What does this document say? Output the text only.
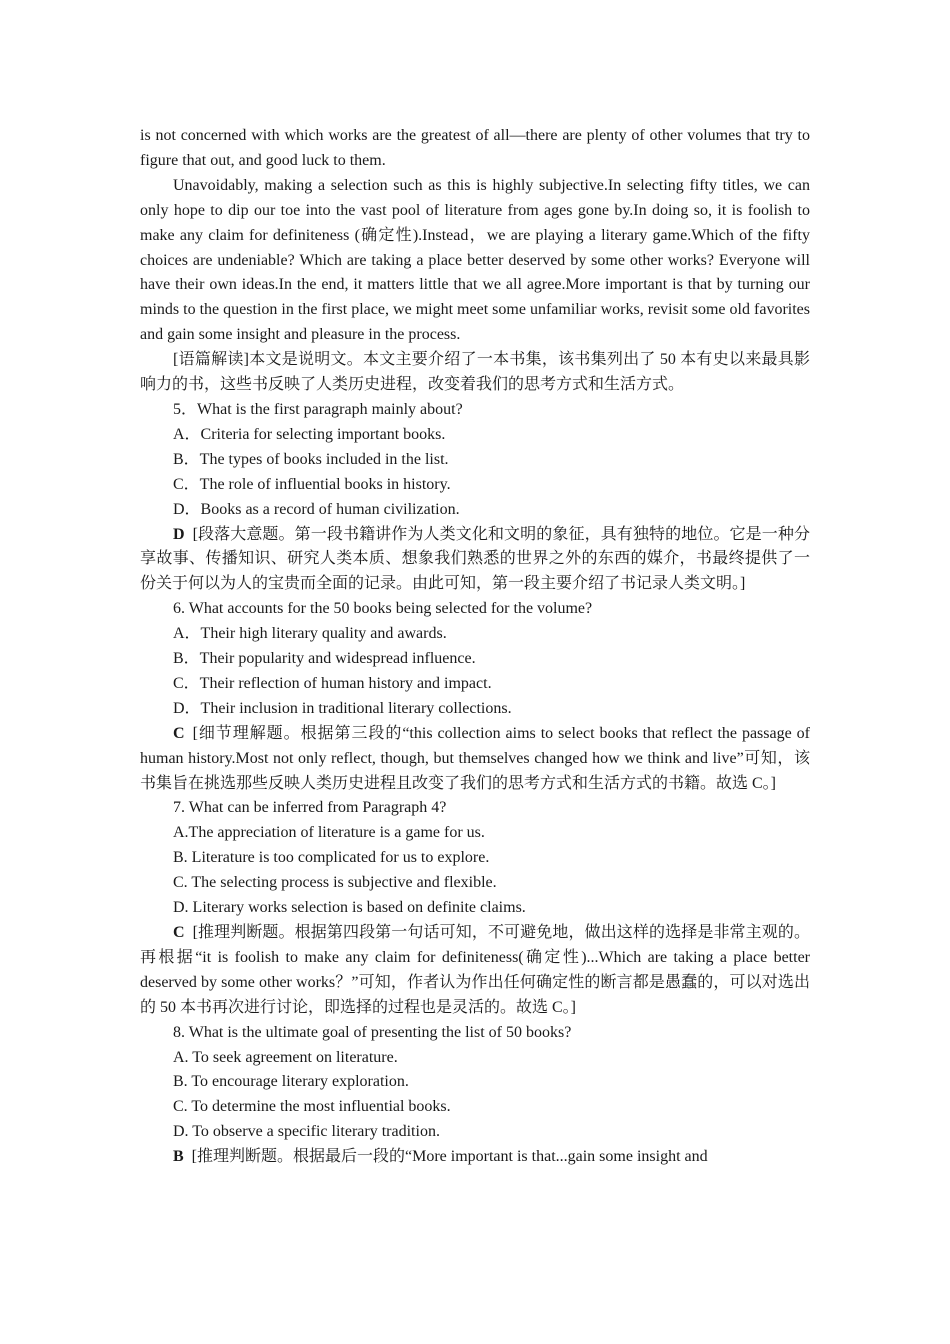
is not concerned with which works are the greatest of all—there are plenty of other volumes that try to figure that out, and good luck to them.

Unavoidably, making a selection such as this is highly subjective.In selecting fifty titles, we can only hope to dip our toe into the vast pool of literature from ages gone by.In doing so, it is foolish to make any claim for definiteness (确定性).Instead，we are playing a literary game.Which of the fifty choices are undeniable? Which are taking a place better deserved by some other works? Everyone will have their own ideas.In the end, it matters little that we all agree.More important is that by turning our minds to the question in the first place, we might meet some unfamiliar works, revisit some old favorites and gain some insight and pleasure in the process.

[语篇解读]本文是说明文。本文主要介绍了一本书集，该书集列出了 50 本有史以来最具影响力的书，这些书反映了人类历史进程，改变着我们的思考方式和生活方式。

5．What is the first paragraph mainly about?

A．Criteria for selecting important books.

B．The types of books included in the list.

C．The role of influential books in history.

D．Books as a record of human civilization.

D [段落大意题。第一段书籍讲作为人类文化和文明的象征，具有独特的地位。它是一种分享故事、传播知识、研究人类本质、想象我们熟悉的世界之外的东西的媒介，书最终提供了一份关于何以为人的宝贵而全面的记录。由此可知，第一段主要介绍了书记录人类文明。]

6. What accounts for the 50 books being selected for the volume?

A．Their high literary quality and awards.

B．Their popularity and widespread influence.

C．Their reflection of human history and impact.

D．Their inclusion in traditional literary collections.

C [细节理解题。根据第三段的“this collection aims to select books that reflect the passage of human history.Most not only reflect, though, but themselves changed how we think and live”可知，该书集旨在挑选那些反映人类历史进程且改变了我们的思考方式和生活方式的书籍。故选 C。]

7. What can be inferred from Paragraph 4?

A.The appreciation of literature is a game for us.

B. Literature is too complicated for us to explore.

C. The selecting process is subjective and flexible.

D. Literary works selection is based on definite claims.

C [推理判断题。根据第四段第一句话可知，不可避免地，做出这样的选择是非常主观的。再根据“it is foolish to make any claim for definiteness(确定性)...Which are taking a place better deserved by some other works？”可知，作者认为作出任何确定性的断言都是愚蠢的，可以对选出的 50 本书再次进行讨论，即选择的过程也是灵活的。故选 C。]

8. What is the ultimate goal of presenting the list of 50 books?

A. To seek agreement on literature.

B. To encourage literary exploration.

C. To determine the most influential books.

D. To observe a specific literary tradition.

B [推理判断题。根据最后一段的“More important is that...gain some insight and
